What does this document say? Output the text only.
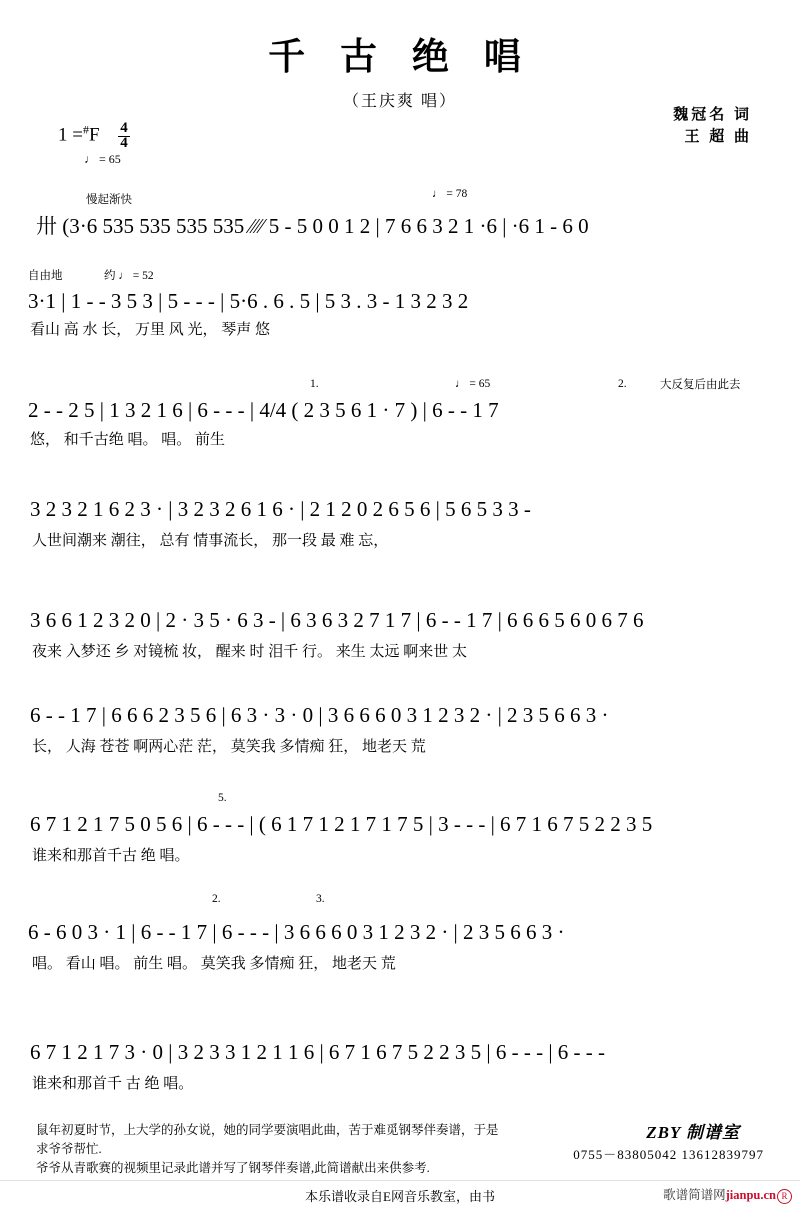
千 古 绝 唱
（王庆爽 唱）
魏冠名 词
王 超 曲
$1 =^{\#}F \frac{4}{4}$
♩ = 65
慢起渐快	♩ = 78
卅 (3·6 535 535 535 535 ⁄⁄⁄⁄ 5 - 5 0 0 1 2 | 7 6 6 3 2 1 ·6 | ·6 1 - 6 0
自由地	约 ♩ = 52
3·1 | 1 - - 3 5 3 | 5 - - - | 5·6 . 6 . 5 | 5 3 . 3 - 1 3 2 3 2
看山 高 水 长， 万里 风 光， 琴声 悠
1.	2.
♩ = 65	大反复后由此去
2 - - 2 5 | 1 3 2 1 6 | 6 - - - | 4/4 ( 2 3 5 6 1 · 7 ) | 6 - - 1 7
悠， 和千古绝 唱。 唱。 前生
3 2 3 2 1 6 2 3 · | 3 2 3 2 6 1 6 · | 2 1 2 0 2 6 5 6 | 5 6 5 3 3 -
人世间潮来 潮往， 总有 情事流长， 那一段 最 难 忘，
3 6 6 1 2 3 2 0 | 2 · 3 5 · 6 3 - | 6 3 6 3 2 7 1 7 | 6 - - 1 7 | 6 6 6 5 6 0 6 7 6
夜来 入梦还 乡 对镜梳 妆， 醒来 时 泪千 行。 来生 太远 啊来世 太
6 - - 1 7 | 6 6 6 2 3 5 6 | 6 3 · 3 · 0 | 3 6 6 6 0 3 1 2 3 2 · | 2 3 5 6 6 3 ·
长， 人海 苍苍 啊两心茫 茫， 莫笑我 多情痴 狂， 地老天 荒
5.
6 7 1 2 1 7 5 0 5 6 | 6 - - - | ( 6 1 7 1 2 1 7 1 7 5 | 3 - - - | 6 7 1 6 7 5 2 2 3 5
谁来和那首千古 绝 唱。
2.	3.
6 - 6 0 3 · 1 | 6 - - 1 7 | 6 - - - | 3 6 6 6 0 3 1 2 3 2 · | 2 3 5 6 6 3 ·
唱。 看山 唱。 前生 唱。 莫笑我 多情痴 狂， 地老天 荒
6 7 1 2 1 7 3 · 0 | 3 2 3 3 1 2 1 1 6 | 6 7 1 6 7 5 2 2 3 5 | 6 - - - | 6 - - -
谁来和那首千 古 绝 唱。
鼠年初夏时节，上大学的孙女说，她的同学要演唱此曲，苦于难觅钢琴伴奏谱，于是求爷爷帮忙.
爷爷从青歌赛的视频里记录此谱并写了钢琴伴奏谱,此简谱献出来供参考.
ZBY 制谱室
0755－83805042 13612839797
本乐谱收录自E网音乐教室，由书	歌谱简谱网jianpu.cn R
